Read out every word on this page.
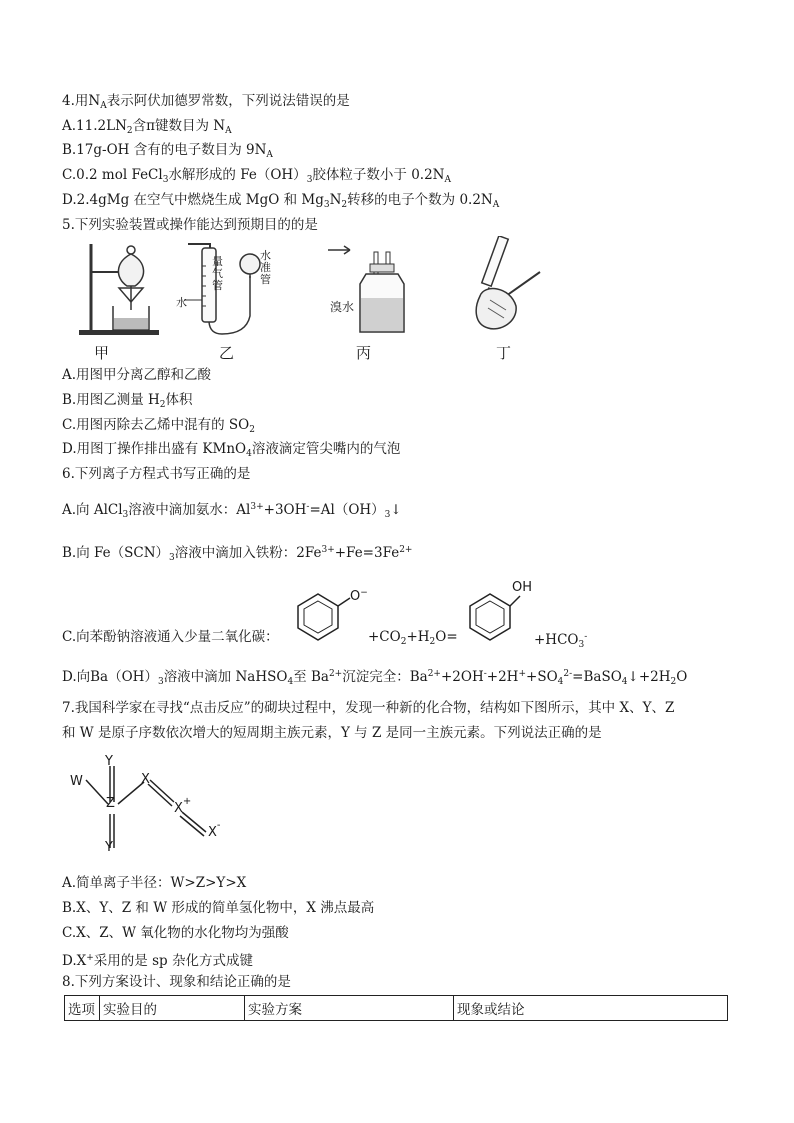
4.用$N_A$表示阿伏加德罗常数，下列说法错误的是
$A.11.2LN_2$含π键数目为 $N_A$
B.17g-OH 含有的电子数目为 $9N_A$
C.0.2 mol FeCl$_3$水解形成的 $Fe(OH)_3$胶体粒子数小于 $0.2N_A$
D.2.4gMg 在空气中燃烧生成 MgO 和 $Mg_3N_2$转移的电子个数为 $0.2N_A$
5.下列实验装置或操作能达到预期目的的是
量气管
水准管
水	溴水
甲	乙	丙	丁
A.用图甲分离乙醇和乙酸
B.用图乙测量 $H_2$体积
C.用图丙除去乙烯中混有的 $SO_2$
D.用图丁操作排出盛有 KMnO$_4$溶液滴定管尖嘴内的气泡
6.下列离子方程式书写正确的是
A.向 AlCl$_3$溶液中滴加氨水：$Al^{3+}+3OH^-=Al(OH)_3↓$
B.向 $Fe(SCN)_3$溶液中滴加入铁粉：$2Fe^{3+}+Fe=3Fe^{2+}$
C.向苯酚钠溶液通入少量二氧化碳：
O−
$+CO_2+H_2O=$
OH
$+HCO_3^-$
D.向$Ba(OH)_3$溶液中滴加 NaHSO$_4$至 $Ba^{2+}$沉淀完全：$Ba^{2+}+2OH^-+2H^++SO_4^{2-}=BaSO_4↓+2H_2O$
7.我国科学家在寻找“点击反应”的砌块过程中，发现一种新的化合物，结构如下图所示，其中 X、Y、Z
和 W 是原子序数依次增大的短周期主族元素，Y 与 Z 是同一主族元素。下列说法正确的是
W
Y
Z
Y
X
X+
X-
A.简单离子半径：W>Z>Y>X
B.X、Y、Z 和 W 形成的简单氢化物中，X 沸点最高
C.X、Z、W 氧化物的水化物均为强酸
D.X+采用的是 sp 杂化方式成键
8.下列方案设计、现象和结论正确的是
选项	实验目的	实验方案	现象或结论
